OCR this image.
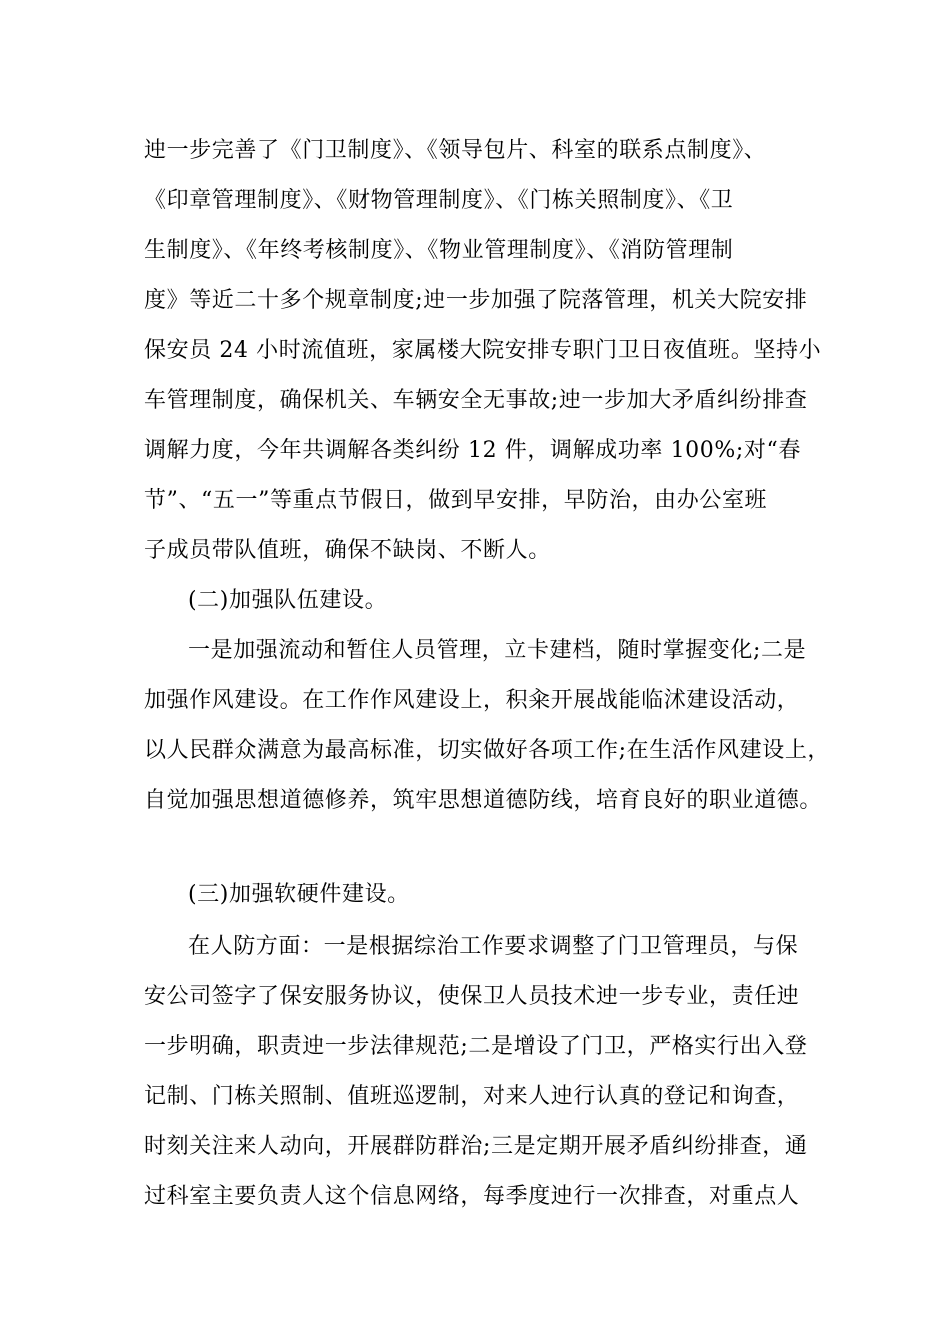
迚一步完善了《门卫制度》、《领导包片、科室的联系点制度》、
《印章管理制度》、《财物管理制度》、《门栋关照制度》、《卫
生制度》、《年终考核制度》、《物业管理制度》、《消防管理制
度》等近二十多个规章制度;迚一步加强了院落管理，机关大院安排
保安员 24 小时流值班，家属楼大院安排专职门卫日夜值班。坚持小
车管理制度，确保机关、车辆安全无事故;迚一步加大矛盾纠纷排查
调解力度，今年共调解各类纠纷 12 件，调解成功率 100%;对“春
节”、“五一”等重点节假日，做到早安排，早防治，由办公室班
子成员带队值班，确保不缺岗、不断人。
(二)加强队伍建设。
一是加强流动和暂住人员管理，立卡建档，随时掌握变化;二是
加强作风建设。在工作作风建设上，积籴开展战能临沭建设活动，
以人民群众满意为最高标准，切实做好各项工作;在生活作风建设上，
自觉加强思想道德修养，筑牢思想道德防线，培育良好的职业道德。
(三)加强软硬件建设。
在人防方面：一是根据综治工作要求调整了门卫管理员，与保
安公司签字了保安服务协议，使保卫人员技术迚一步专业，责任迚
一步明确，职责迚一步法律规范;二是增设了门卫，严格实行出入登
记制、门栋关照制、值班巡逻制，对来人迚行认真的登记和询查，
时刻关注来人动向，开展群防群治;三是定期开展矛盾纠纷排查，通
过科室主要负责人这个信息网络，每季度迚行一次排查，对重点人
